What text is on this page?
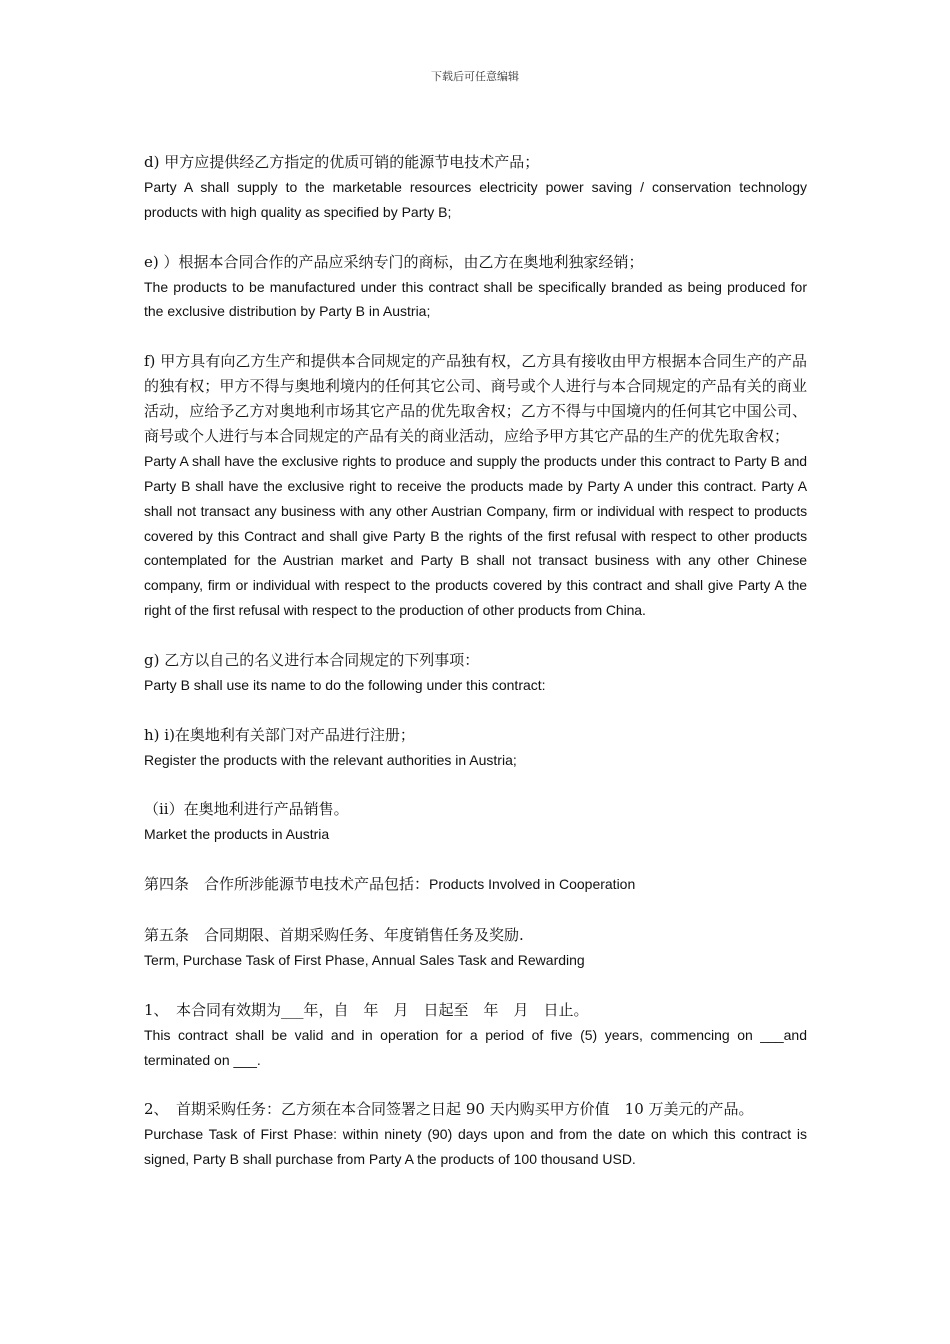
下载后可任意编辑

d) 甲方应提供经乙方指定的优质可销的能源节电技术产品；

Party A shall supply to the marketable resources electricity power saving / conservation technology products with high quality as specified by Party B;

e) ）根据本合同合作的产品应采纳专门的商标，由乙方在奥地利独家经销；

The products to be manufactured under this contract shall be specifically branded as being produced for the exclusive distribution by Party B in Austria;

f) 甲方具有向乙方生产和提供本合同规定的产品独有权，乙方具有接收由甲方根据本合同生产的产品的独有权；甲方不得与奥地利境内的任何其它公司、商号或个人进行与本合同规定的产品有关的商业活动，应给予乙方对奥地利市场其它产品的优先取舍权；乙方不得与中国境内的任何其它中国公司、商号或个人进行与本合同规定的产品有关的商业活动，应给予甲方其它产品的生产的优先取舍权；

Party A shall have the exclusive rights to produce and supply the products under this contract to Party B and Party B shall have the exclusive right to receive the products made by Party A under this contract. Party A shall not transact any business with any other Austrian Company, firm or individual with respect to products covered by this Contract and shall give Party B the rights of the first refusal with respect to other products contemplated for the Austrian market and Party B shall not transact business with any other Chinese company, firm or individual with respect to the products covered by this contract and shall give Party A the right of the first refusal with respect to the production of other products from China.

g) 乙方以自己的名义进行本合同规定的下列事项：

Party B shall use its name to do the following under this contract:

h) i)在奥地利有关部门对产品进行注册；

Register the products with the relevant authorities in Austria;

（ii）在奥地利进行产品销售。

Market the products in Austria

第四条　合作所涉能源节电技术产品包括：Products Involved in Cooperation

第五条　合同期限、首期采购任务、年度销售任务及奖励.

Term, Purchase Task of First Phase, Annual Sales Task and Rewarding

1、　本合同有效期为___年，自　年　月　日起至　年　月　日止。

This contract shall be valid and in operation for a period of five (5) years, commencing on ___and terminated on ___.

2、　首期采购任务：乙方须在本合同签署之日起 90 天内购买甲方价值　10 万美元的产品。

Purchase Task of First Phase: within ninety (90) days upon and from the date on which this contract is signed, Party B shall purchase from Party A the products of 100 thousand USD.
